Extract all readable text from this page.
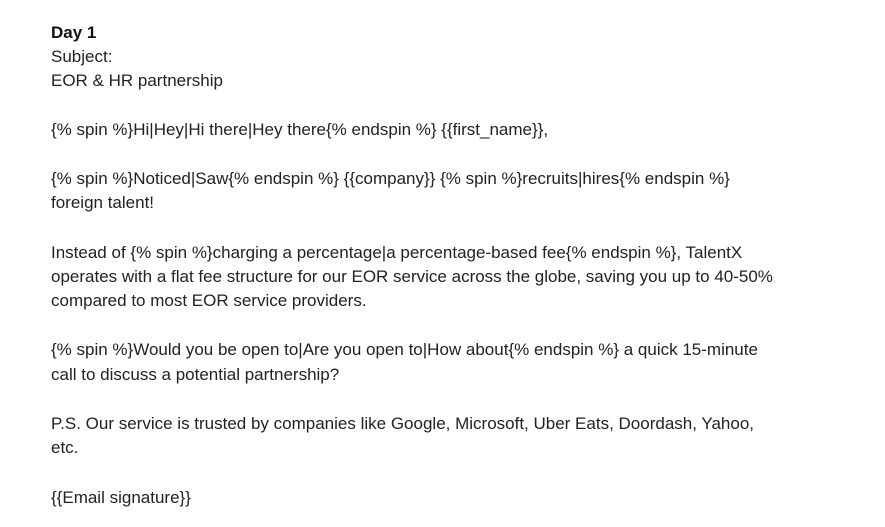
Day 1

Subject:

EOR & HR partnership

{% spin %}Hi|Hey|Hi there|Hey there{% endspin %} {{first_name}},

{% spin %}Noticed|Saw{% endspin %} {{company}} {% spin %}recruits|hires{% endspin %}

foreign talent!

Instead of {% spin %}charging a percentage|a percentage-based fee{% endspin %}, TalentX

operates with a flat fee structure for our EOR service across the globe, saving you up to 40-50%

compared to most EOR service providers.

{% spin %}Would you be open to|Are you open to|How about{% endspin %} a quick 15-minute

call to discuss a potential partnership?

P.S. Our service is trusted by companies like Google, Microsoft, Uber Eats, Doordash, Yahoo,

etc.

{{Email signature}}
